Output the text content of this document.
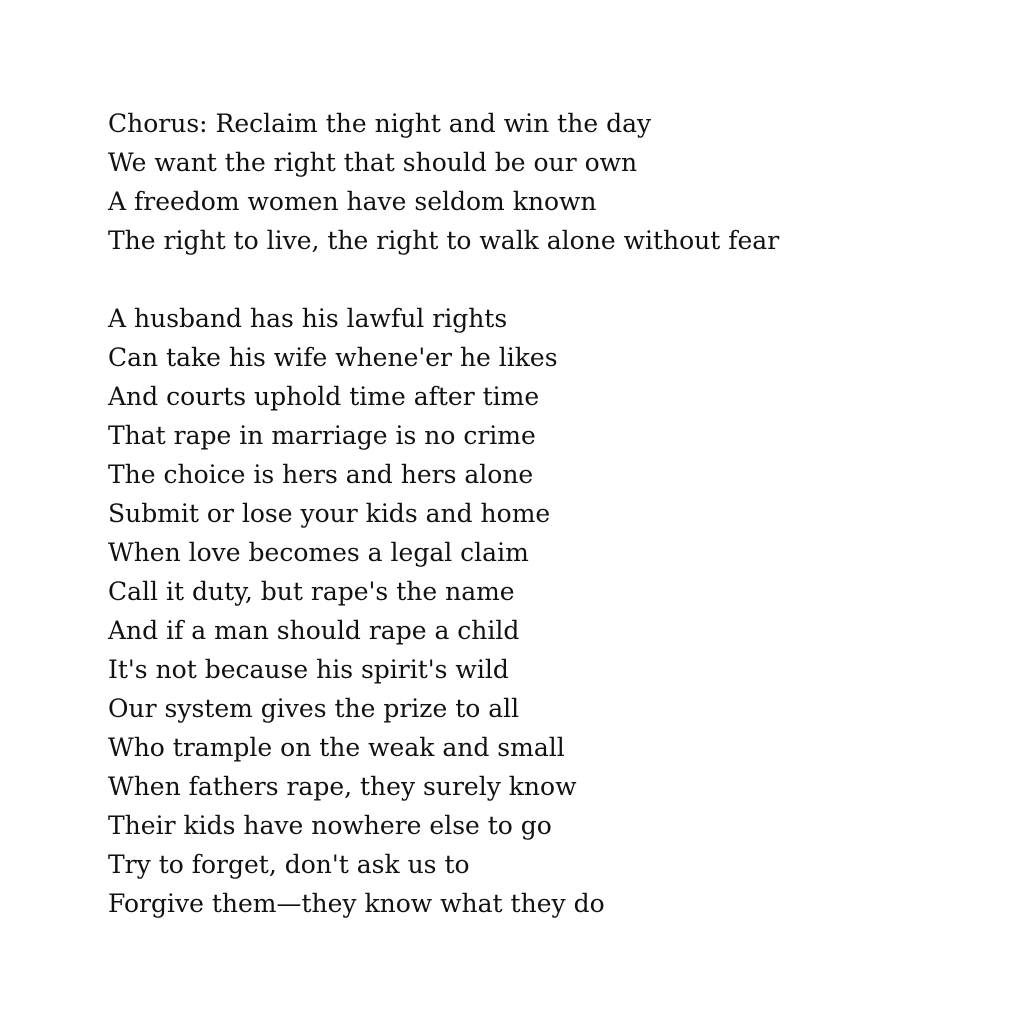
Chorus: Reclaim the night and win the day
We want the right that should be our own
A freedom women have seldom known
The right to live, the right to walk alone without fear
A husband has his lawful rights
Can take his wife whene'er he likes
And courts uphold time after time
That rape in marriage is no crime
The choice is hers and hers alone
Submit or lose your kids and home
When love becomes a legal claim
Call it duty, but rape's the name
And if a man should rape a child
It's not because his spirit's wild
Our system gives the prize to all
Who trample on the weak and small
When fathers rape, they surely know
Their kids have nowhere else to go
Try to forget, don't ask us to
Forgive them—they know what they do
